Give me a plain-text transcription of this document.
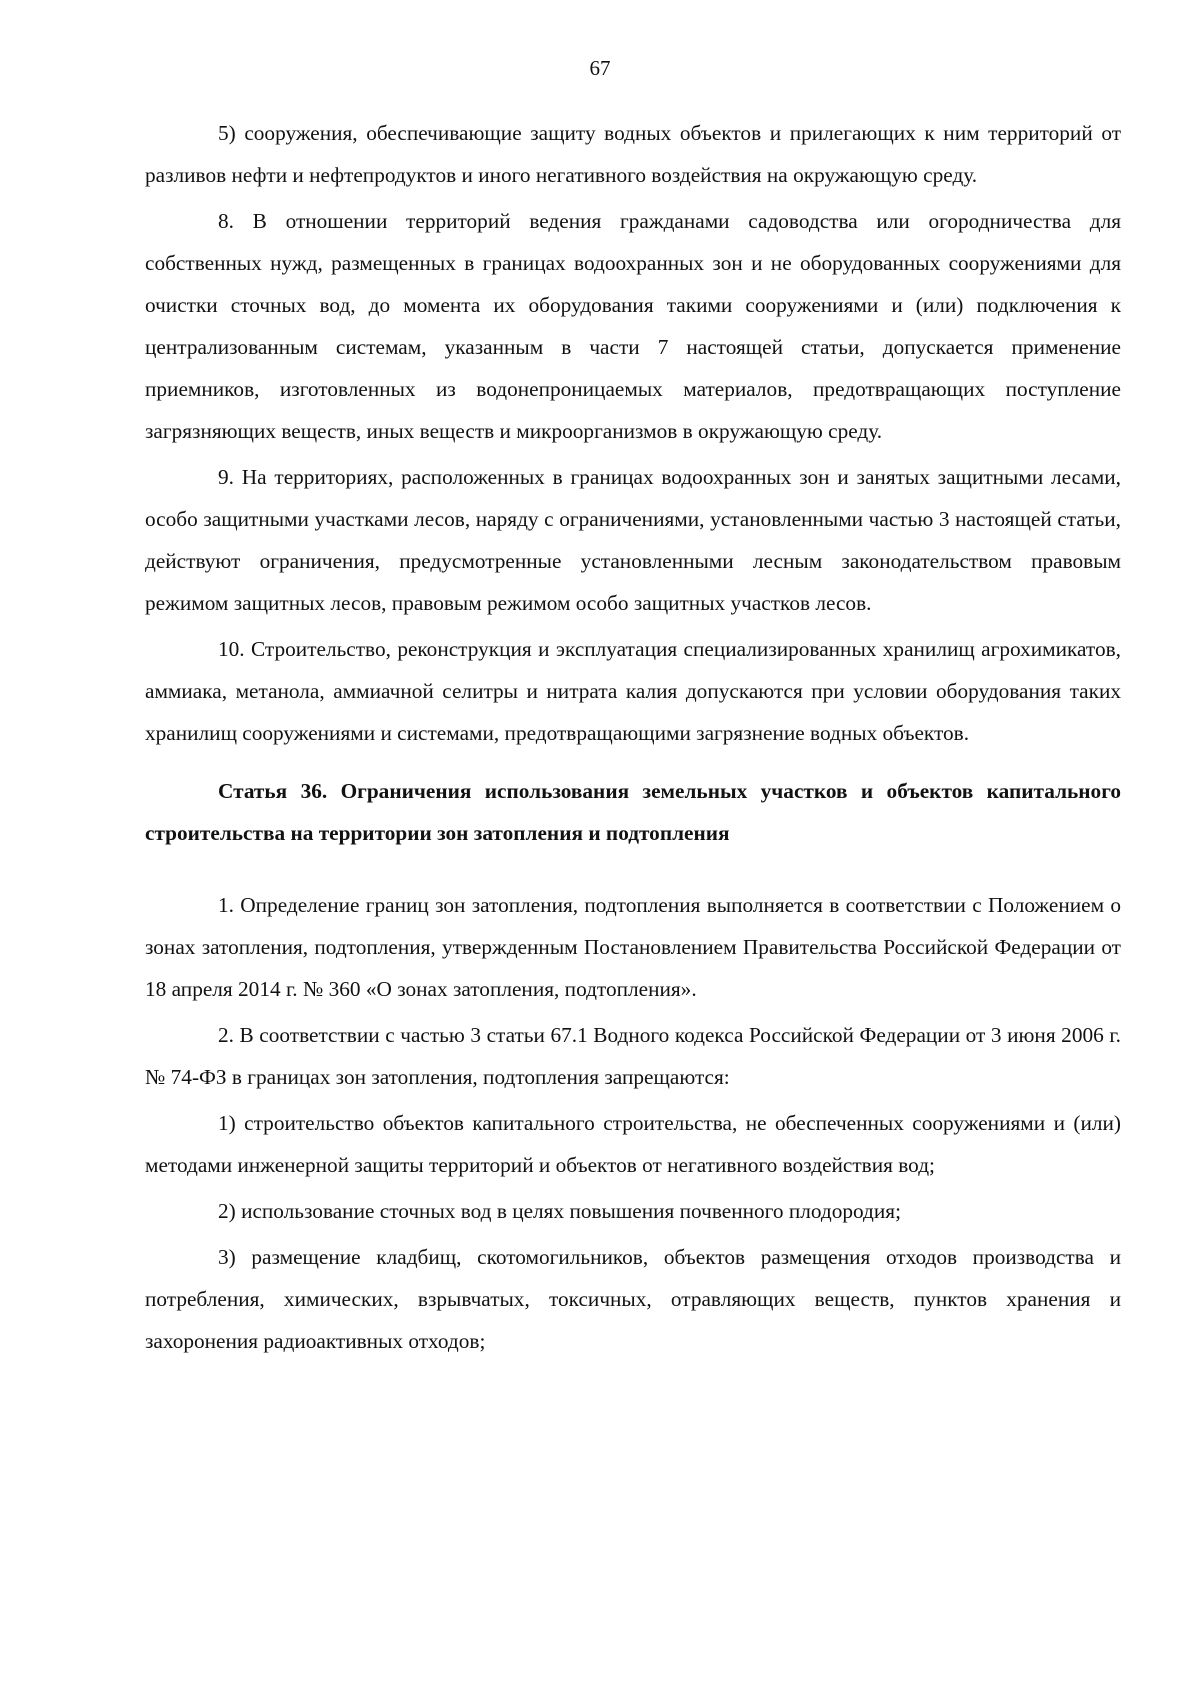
67

5) сооружения, обеспечивающие защиту водных объектов и прилегающих к ним территорий от разливов нефти и нефтепродуктов и иного негативного воздействия на окружающую среду.

8. В отношении территорий ведения гражданами садоводства или огородничества для собственных нужд, размещенных в границах водоохранных зон и не оборудованных сооружениями для очистки сточных вод, до момента их оборудования такими сооружениями и (или) подключения к централизованным системам, указанным в части 7 настоящей статьи, допускается применение приемников, изготовленных из водонепроницаемых материалов, предотвращающих поступление загрязняющих веществ, иных веществ и микроорганизмов в окружающую среду.

9. На территориях, расположенных в границах водоохранных зон и занятых защитными лесами, особо защитными участками лесов, наряду с ограничениями, установленными частью 3 настоящей статьи, действуют ограничения, предусмотренные установленными лесным законодательством правовым режимом защитных лесов, правовым режимом особо защитных участков лесов.

10. Строительство, реконструкция и эксплуатация специализированных хранилищ агрохимикатов, аммиака, метанола, аммиачной селитры и нитрата калия допускаются при условии оборудования таких хранилищ сооружениями и системами, предотвращающими загрязнение водных объектов.

Статья 36. Ограничения использования земельных участков и объектов капитального строительства на территории зон затопления и подтопления

1. Определение границ зон затопления, подтопления выполняется в соответствии с Положением о зонах затопления, подтопления, утвержденным Постановлением Правительства Российской Федерации от 18 апреля 2014 г. № 360 «О зонах затопления, подтопления».

2. В соответствии с частью 3 статьи 67.1 Водного кодекса Российской Федерации от 3 июня 2006 г. № 74-ФЗ в границах зон затопления, подтопления запрещаются:

1) строительство объектов капитального строительства, не обеспеченных сооружениями и (или) методами инженерной защиты территорий и объектов от негативного воздействия вод;

2) использование сточных вод в целях повышения почвенного плодородия;

3) размещение кладбищ, скотомогильников, объектов размещения отходов производства и потребления, химических, взрывчатых, токсичных, отравляющих веществ, пунктов хранения и захоронения радиоактивных отходов;
